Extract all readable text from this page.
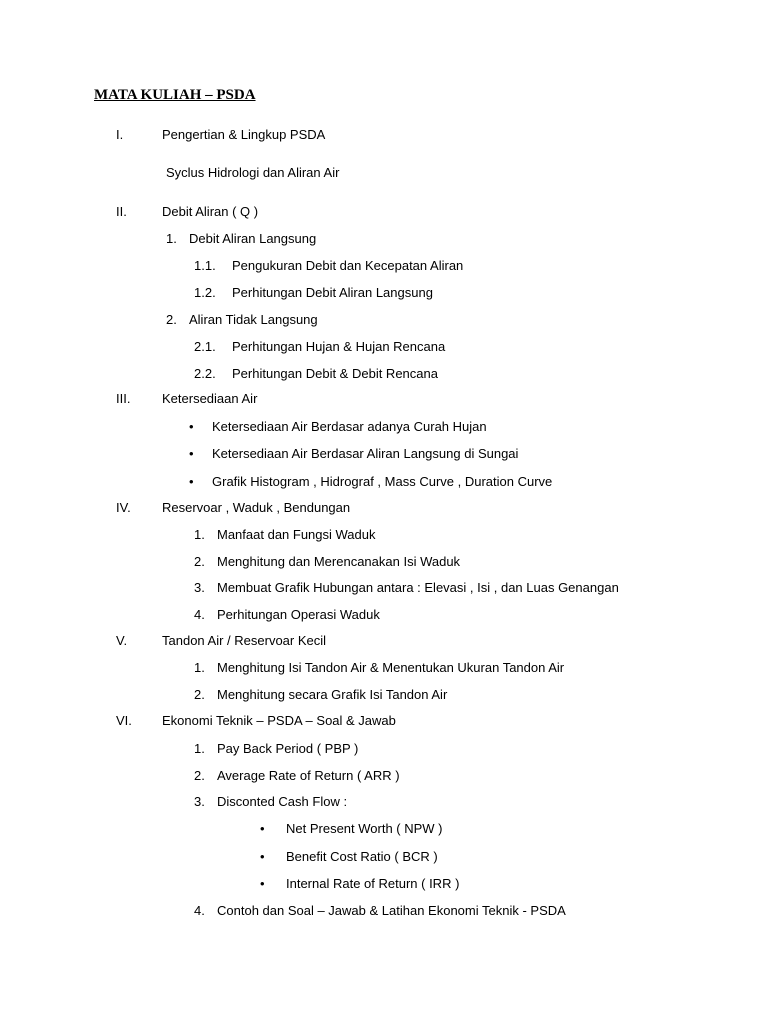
MATA KULIAH – PSDA
I.	Pengertian & Lingkup PSDA
Syclus Hidrologi dan Aliran Air
II.	Debit Aliran ( Q )
1. Debit Aliran Langsung
1.1. Pengukuran Debit dan Kecepatan Aliran
1.2. Perhitungan Debit Aliran Langsung
2. Aliran Tidak Langsung
2.1. Perhitungan Hujan & Hujan Rencana
2.2. Perhitungan Debit & Debit Rencana
III. Ketersediaan Air
• Ketersediaan Air Berdasar adanya Curah Hujan
• Ketersediaan Air Berdasar Aliran Langsung di Sungai
• Grafik Histogram , Hidrograf , Mass Curve , Duration Curve
IV. Reservoar , Waduk , Bendungan
1. Manfaat dan Fungsi Waduk
2. Menghitung dan Merencanakan Isi Waduk
3. Membuat Grafik Hubungan antara : Elevasi , Isi , dan Luas Genangan
4. Perhitungan Operasi Waduk
V.	Tandon Air / Reservoar Kecil
1. Menghitung Isi Tandon Air & Menentukan Ukuran Tandon Air
2. Menghitung secara Grafik Isi Tandon Air
VI. Ekonomi Teknik – PSDA – Soal & Jawab
1. Pay Back Period ( PBP )
2. Average Rate of Return ( ARR )
3. Disconted Cash Flow :
• Net Present Worth ( NPW )
• Benefit Cost Ratio ( BCR )
• Internal Rate of Return ( IRR )
4. Contoh dan Soal – Jawab & Latihan Ekonomi Teknik - PSDA
